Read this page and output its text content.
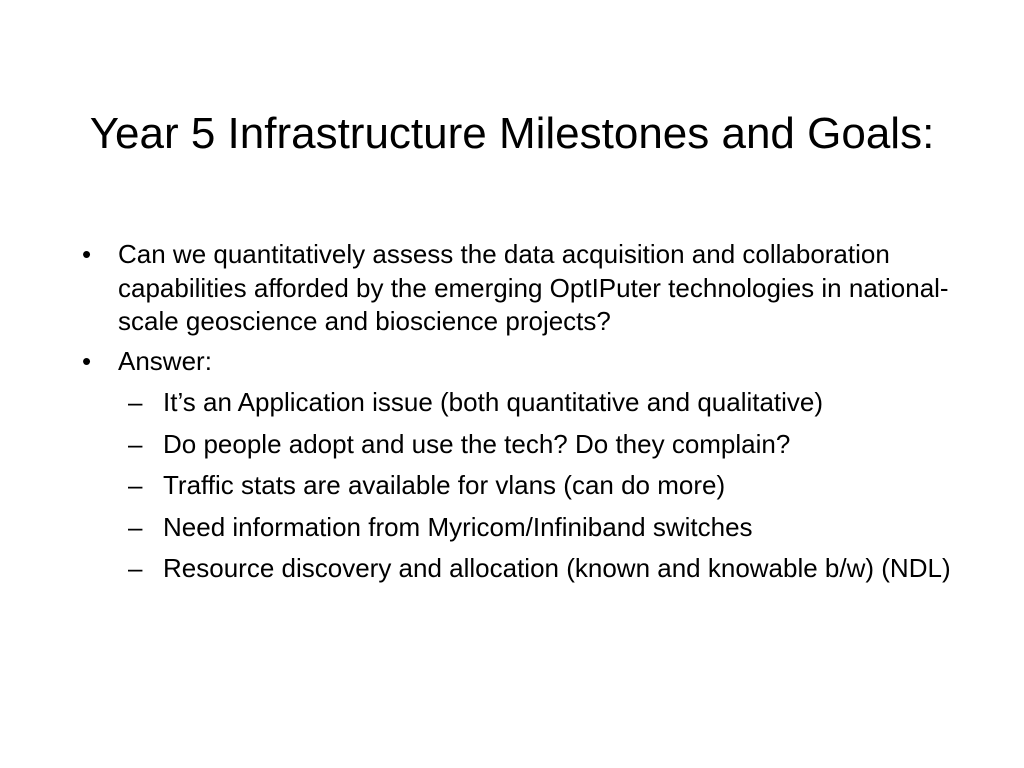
Year 5 Infrastructure Milestones and Goals:
• Can we quantitatively assess the data acquisition and collaboration capabilities afforded by the emerging OptIPuter technologies in national-scale geoscience and bioscience projects?
• Answer:
– It’s an Application issue (both quantitative and qualitative)
– Do people adopt and use the tech? Do they complain?
– Traffic stats are available for vlans (can do more)
– Need information from Myricom/Infiniband switches
– Resource discovery and allocation (known and knowable b/w) (NDL)
